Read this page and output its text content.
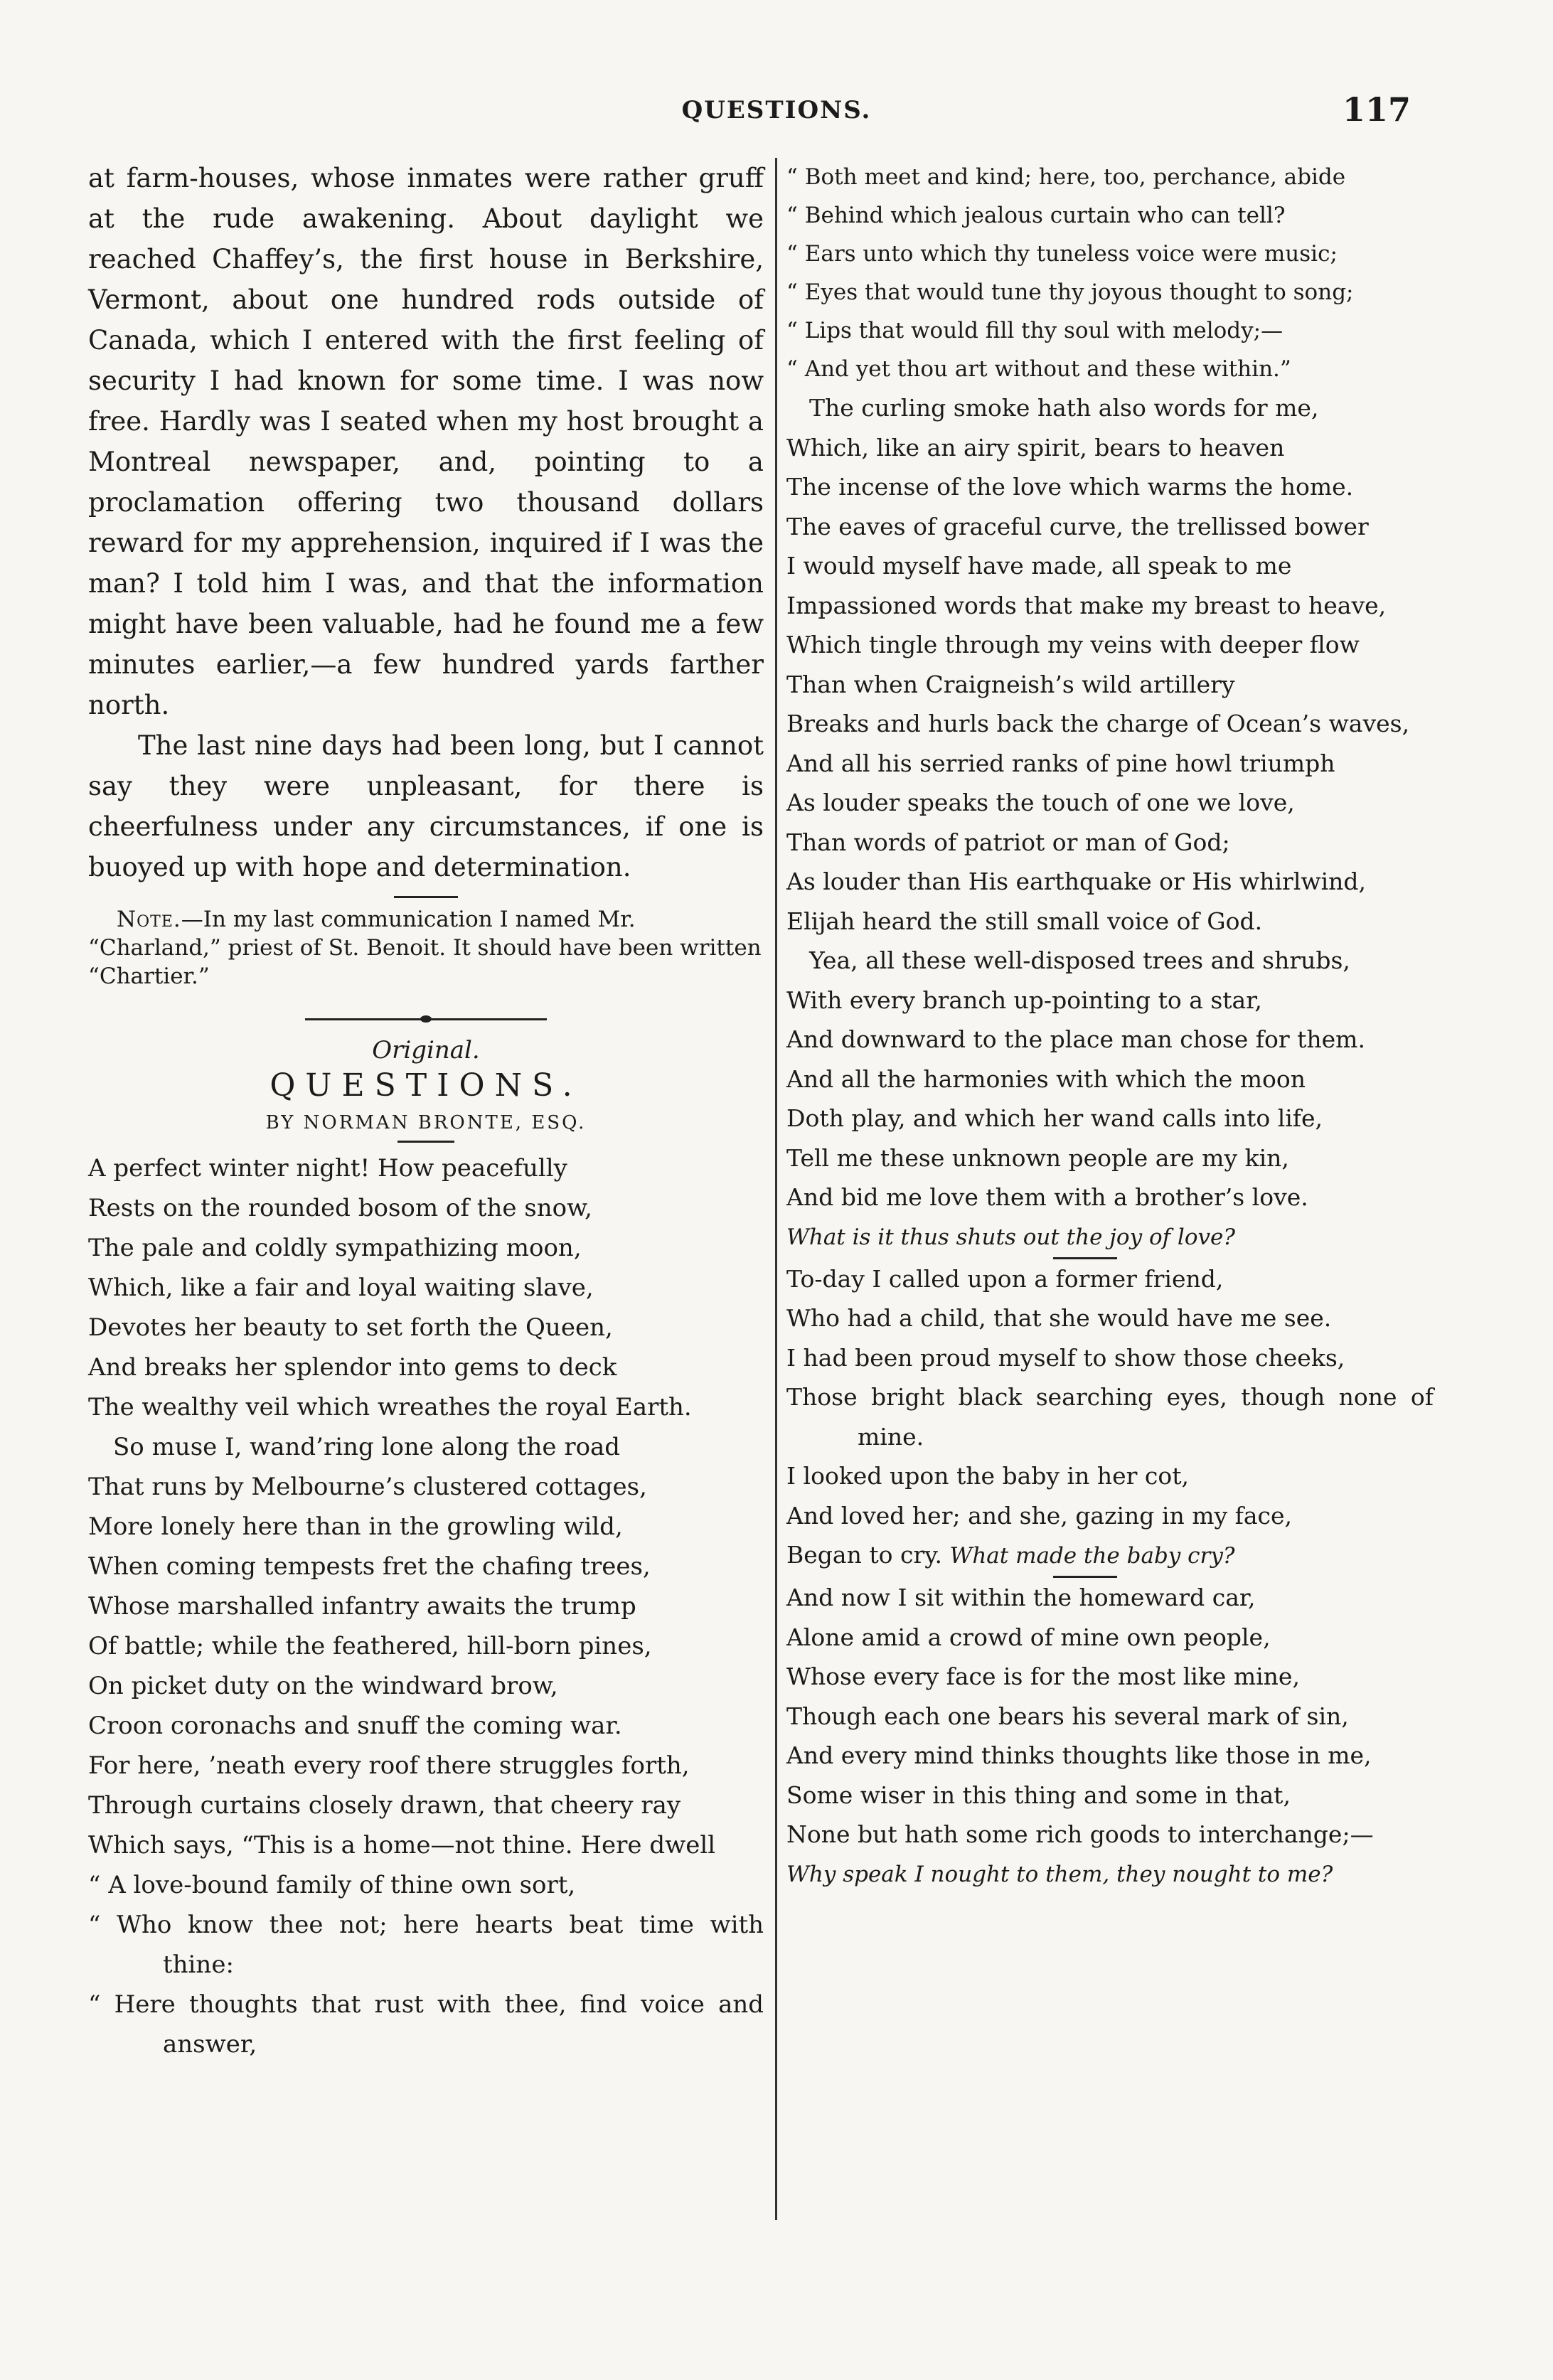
QUESTIONS.	117

at farm-houses, whose inmates were rather gruff at the rude awakening. About daylight we reached Chaffey’s, the first house in Berkshire, Vermont, about one hundred rods outside of Canada, which I entered with the first feeling of security I had known for some time. I was now free. Hardly was I seated when my host brought a Montreal newspaper, and, pointing to a proclamation offering two thousand dollars reward for my apprehension, inquired if I was the man? I told him I was, and that the information might have been valuable, had he found me a few minutes earlier,—a few hundred yards farther north.

The last nine days had been long, but I cannot say they were unpleasant, for there is cheerfulness under any circumstances, if one is buoyed up with hope and determination.

Note.—In my last communication I named Mr. “Charland,” priest of St. Benoit. It should have been written “Chartier.”
Original.
QUESTIONS.
BY NORMAN BRONTE, ESQ.
A perfect winter night! How peacefully
Rests on the rounded bosom of the snow,
The pale and coldly sympathizing moon,
Which, like a fair and loyal waiting slave,
Devotes her beauty to set forth the Queen,
And breaks her splendor into gems to deck
The wealthy veil which wreathes the royal Earth.
So muse I, wand’ring lone along the road
That runs by Melbourne’s clustered cottages,
More lonely here than in the growling wild,
When coming tempests fret the chafing trees,
Whose marshalled infantry awaits the trump
Of battle; while the feathered, hill-born pines,
On picket duty on the windward brow,
Croon coronachs and snuff the coming war.
For here, ’neath every roof there struggles forth,
Through curtains closely drawn, that cheery ray
Which says, “This is a home—not thine. Here dwell
“ A love-bound family of thine own sort,
“ Who know thee not; here hearts beat time with thine:
“ Here thoughts that rust with thee, find voice and answer,
“ Both meet and kind; here, too, perchance, abide
“ Behind which jealous curtain who can tell?
“ Ears unto which thy tuneless voice were music;
“ Eyes that would tune thy joyous thought to song;
“ Lips that would fill thy soul with melody;—
“ And yet thou art without and these within.”
The curling smoke hath also words for me,
Which, like an airy spirit, bears to heaven
The incense of the love which warms the home.
The eaves of graceful curve, the trellissed bower
I would myself have made, all speak to me
Impassioned words that make my breast to heave,
Which tingle through my veins with deeper flow
Than when Craigneish’s wild artillery
Breaks and hurls back the charge of Ocean’s waves,
And all his serried ranks of pine howl triumph
As louder speaks the touch of one we love,
Than words of patriot or man of God;
As louder than His earthquake or His whirlwind,
Elijah heard the still small voice of God.
Yea, all these well-disposed trees and shrubs,
With every branch up-pointing to a star,
And downward to the place man chose for them.
And all the harmonies with which the moon
Doth play, and which her wand calls into life,
Tell me these unknown people are my kin,
And bid me love them with a brother’s love.
What is it thus shuts out the joy of love?
To-day I called upon a former friend,
Who had a child, that she would have me see.
I had been proud myself to show those cheeks,
Those bright black searching eyes, though none of mine.
I looked upon the baby in her cot,
And loved her; and she, gazing in my face,
Began to cry. What made the baby cry?
And now I sit within the homeward car,
Alone amid a crowd of mine own people,
Whose every face is for the most like mine,
Though each one bears his several mark of sin,
And every mind thinks thoughts like those in me,
Some wiser in this thing and some in that,
None but hath some rich goods to interchange;—
Why speak I nought to them, they nought to me?
